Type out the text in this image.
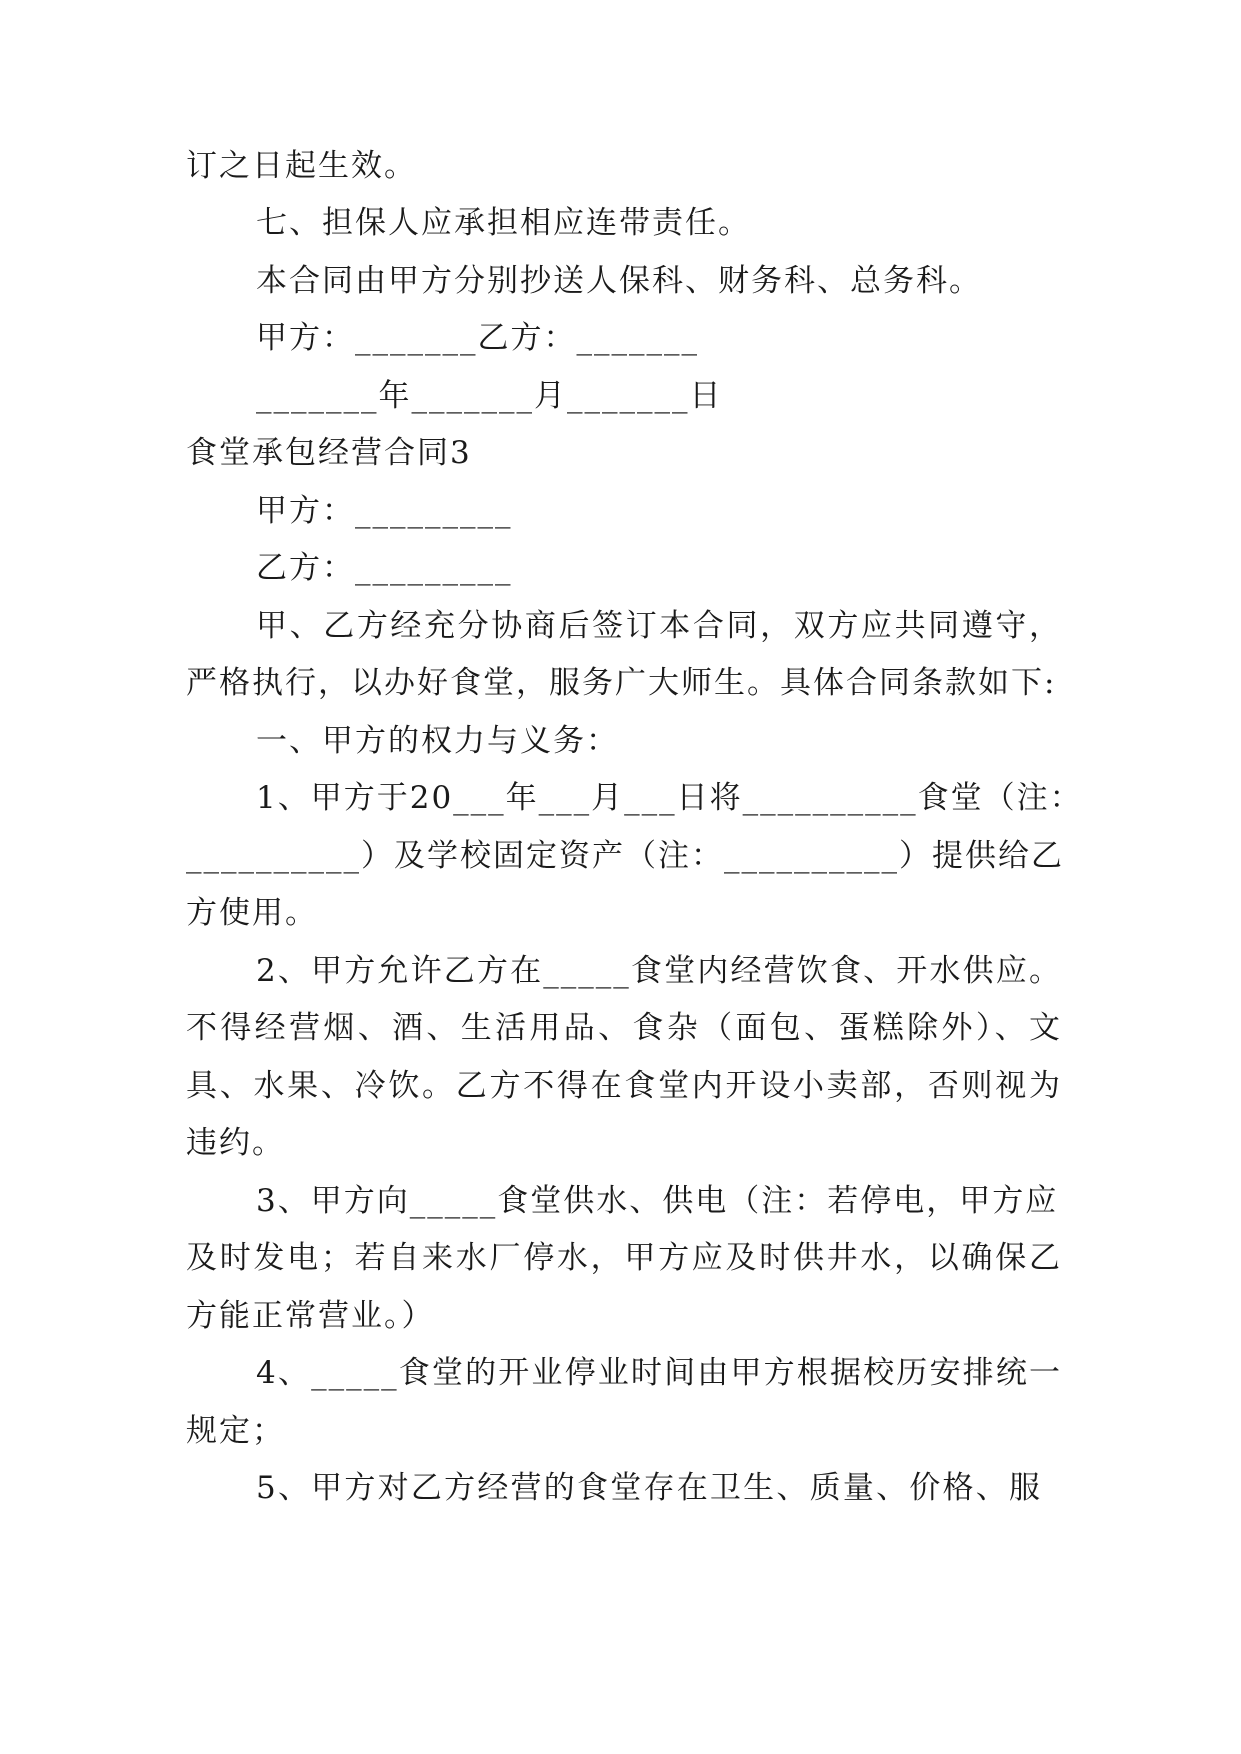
订之日起生效。

七、担保人应承担相应连带责任。

本合同由甲方分别抄送人保科、财务科、总务科。

甲方：_______乙方：_______

_______年_______月_______日

食堂承包经营合同3

甲方：_________

乙方：_________

甲、乙方经充分协商后签订本合同，双方应共同遵守，

严格执行，以办好食堂，服务广大师生。具体合同条款如下:

一、甲方的权力与义务：

1、甲方于20___年___月___日将__________食堂（注：

__________）及学校固定资产（注：__________）提供给乙

方使用。

2、甲方允许乙方在_____食堂内经营饮食、开水供应。

不得经营烟、酒、生活用品、食杂（面包、蛋糕除外）、文

具、水果、冷饮。乙方不得在食堂内开设小卖部，否则视为

违约。

3、甲方向_____食堂供水、供电（注：若停电，甲方应

及时发电；若自来水厂停水，甲方应及时供井水，以确保乙

方能正常营业。）

4、_____食堂的开业停业时间由甲方根据校历安排统一

规定；

5、甲方对乙方经营的食堂存在卫生、质量、价格、服
